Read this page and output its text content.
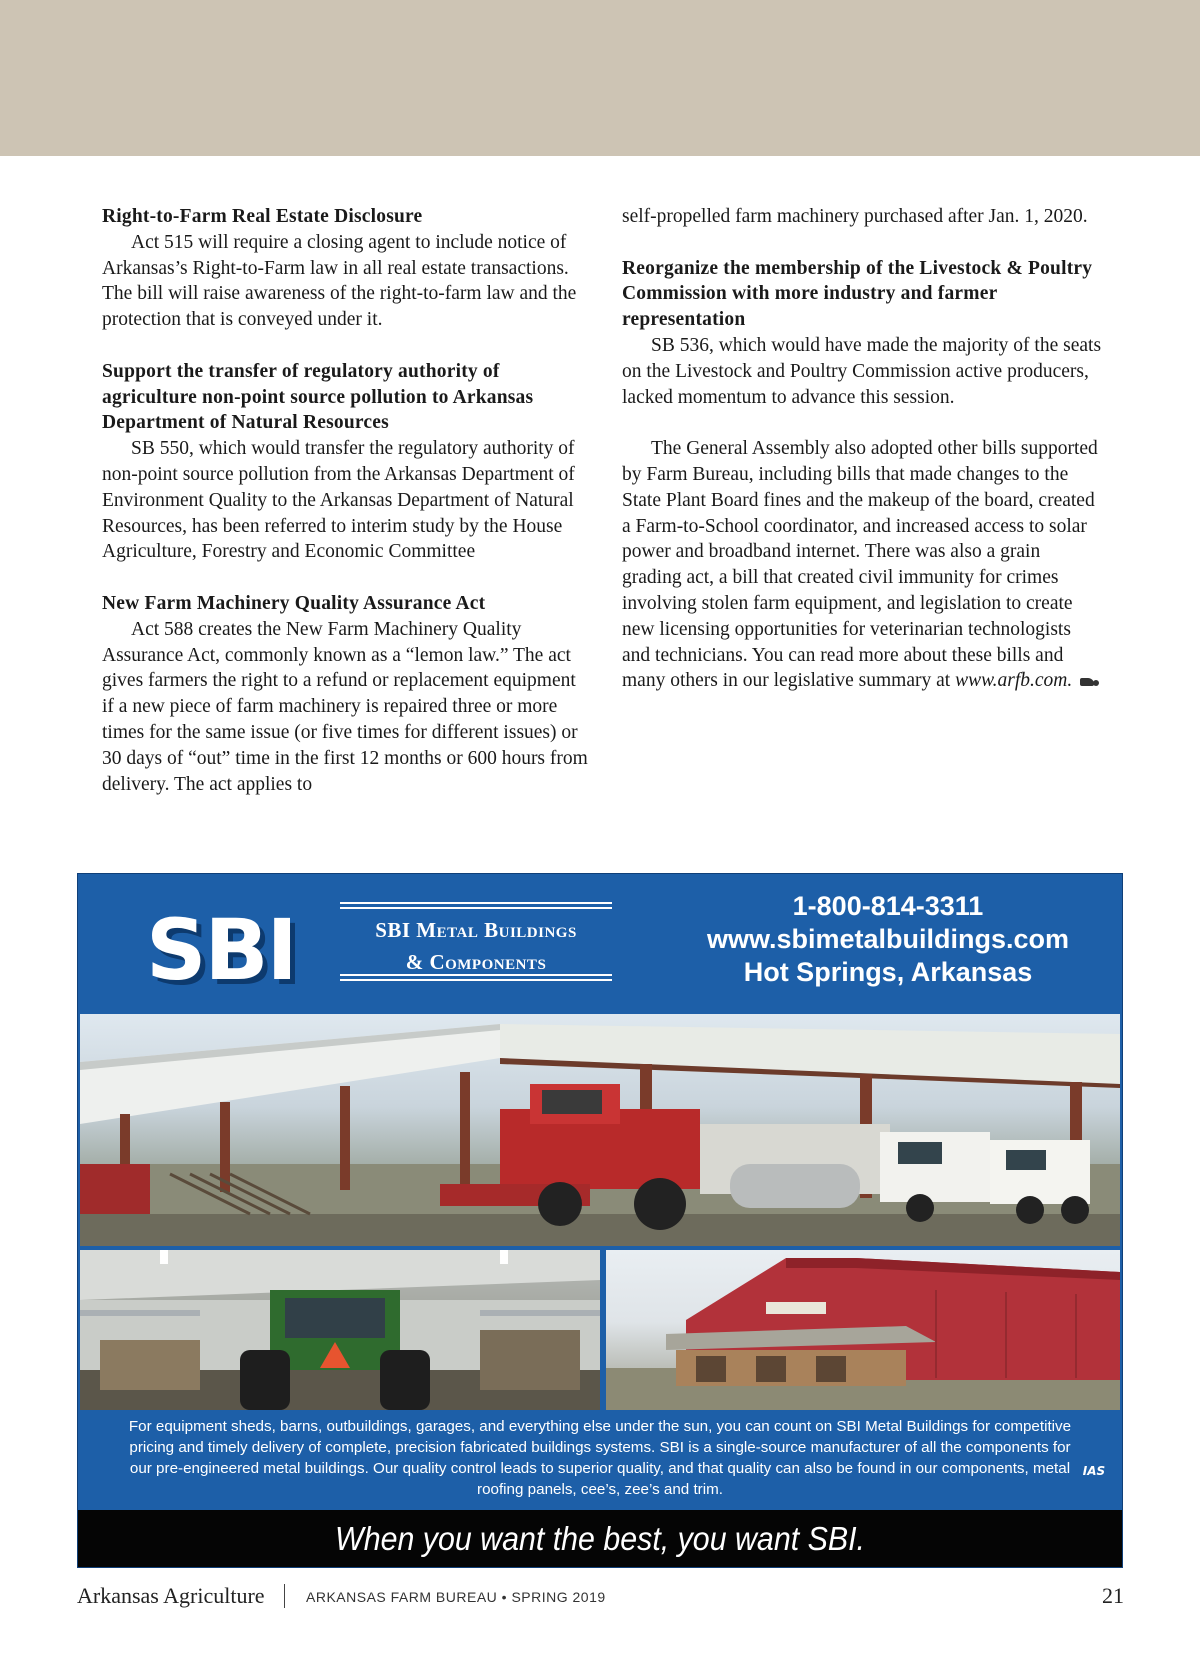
Right-to-Farm Real Estate Disclosure

Act 515 will require a closing agent to include notice of Arkansas’s Right-to-Farm law in all real estate transactions. The bill will raise awareness of the right-to-farm law and the protection that is conveyed under it.

Support the transfer of regulatory authority of agriculture non-point source pollution to Arkansas Department of Natural Resources

SB 550, which would transfer the regulatory authority of non-point source pollution from the Arkansas Department of Environment Quality to the Arkansas Department of Natural Resources, has been referred to interim study by the House Agriculture, Forestry and Economic Committee

New Farm Machinery Quality Assurance Act

Act 588 creates the New Farm Machinery Quality Assurance Act, commonly known as a “lemon law.” The act gives farmers the right to a refund or replacement equipment if a new piece of farm machinery is repaired three or more times for the same issue (or five times for different issues) or 30 days of “out” time in the first 12 months or 600 hours from delivery. The act applies to

self-propelled farm machinery purchased after Jan. 1, 2020.

Reorganize the membership of the Livestock & Poultry Commission with more industry and farmer representation

SB 536, which would have made the majority of the seats on the Livestock and Poultry Commission active producers, lacked momentum to advance this session.

The General Assembly also adopted other bills supported by Farm Bureau, including bills that made changes to the State Plant Board fines and the makeup of the board, created a Farm-to-School coordinator, and increased access to solar power and broadband internet. There was also a grain grading act, a bill that created civil immunity for crimes involving stolen farm equipment, and legislation to create new licensing opportunities for veterinarian technologists and technicians. You can read more about these bills and many others in our legislative summary at www.arfb.com.

SBI	SBI Metal Buildings
& Components
1-800-814-3311
www.sbimetalbuildings.com
Hot Springs, Arkansas
For equipment sheds, barns, outbuildings, garages, and everything else under the sun, you can count on SBI Metal Buildings for competitive pricing and timely delivery of complete, precision fabricated buildings systems. SBI is a single-source manufacturer of all the components for our pre-engineered metal buildings. Our quality control leads to superior quality, and that quality can also be found in our components, metal roofing panels, cee’s, zee’s and trim.
IAS
When you want the best, you want SBI.
Arkansas Agriculture	ARKANSAS FARM BUREAU • SPRING 2019	21
